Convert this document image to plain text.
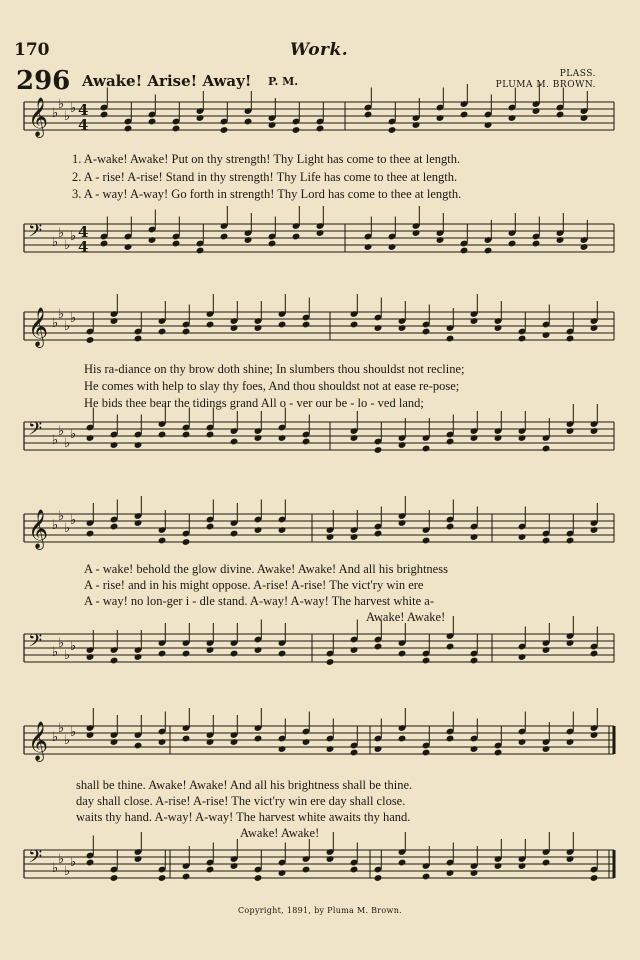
170	Work.
296 Awake! Arise! Away! P. M.
PLASS.
PLUMA M. BROWN.
𝄞 ♭
♭
♭
♭ 4
4
1. A-wake! Awake! Put on thy strength! Thy Light has come to thee at length.
2. A - rise! A-rise! Stand in thy strength! Thy Life has come to thee at length.
3. A - way! A-way! Go forth in strength! Thy Lord has come to thee at length.
𝄢 ♭
♭
♭
♭ 4
4
𝄞 ♭
♭
♭
♭
His ra-diance on thy brow doth shine; In slumbers thou shouldst not recline;
He comes with help to slay thy foes, And thou shouldst not at ease re-pose;
He bids thee bear the tidings grand All o - ver our be - lo - ved land;
𝄢 ♭
♭
♭
♭
𝄞 ♭
♭
♭
♭
A - wake! behold the glow divine. Awake! Awake! And all his brightness
A - rise! and in his might oppose. A-rise! A-rise! The vict'ry win ere
A - way! no lon-ger i - dle stand. A-way! A-way! The harvest white a-
Awake! Awake!
𝄢 ♭
♭
♭
♭
𝄞 ♭
♭
♭
♭
shall be thine. Awake! Awake! And all his brightness shall be thine.
day shall close. A-rise! A-rise! The vict'ry win ere day shall close.
waits thy hand. A-way! A-way! The harvest white awaits thy hand.
Awake! Awake!
𝄢 ♭
♭
♭
♭
Copyright, 1891, by Pluma M. Brown.
